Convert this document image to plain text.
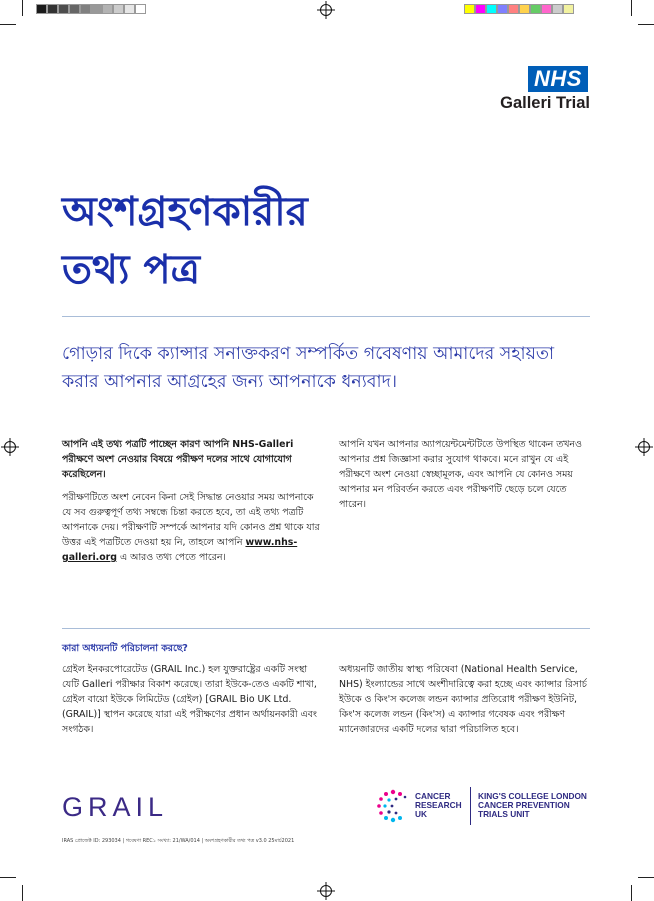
NHS
Galleri Trial
অংশগ্রহণকারীর
তথ্য পত্র

গোড়ার দিকে ক্যান্সার সনাক্তকরণ সম্পর্কিত গবেষণায় আমাদের সহায়তা করার আপনার আগ্রহের জন্য আপনাকে ধন্যবাদ।

আপনি এই তথ্য পত্রটি পাচ্ছেন কারণ আপনি NHS-Galleri পরীক্ষণে অংশ নেওয়ার বিষয়ে পরীক্ষণ দলের সাথে যোগাযোগ করেছিলেন।

পরীক্ষণটিতে অংশ নেবেন কিনা সেই সিদ্ধান্ত নেওয়ার সময় আপনাকে যে সব গুরুত্বপূর্ণ তথ্য সম্বন্ধে চিন্তা করতে হবে, তা এই তথ্য পত্রটি আপনাকে দেয়। পরীক্ষণটি সম্পর্কে আপনার যদি কোনও প্রশ্ন থাকে যার উত্তর এই পত্রটিতে দেওয়া হয় নি, তাহলে আপনি www.nhs-galleri.org এ আরও তথ্য পেতে পারেন।

আপনি যখন আপনার অ্যাপয়েন্টমেন্টটিতে উপস্থিত থাকেন তখনও আপনার প্রশ্ন জিজ্ঞাসা করার সুযোগ থাকবে। মনে রাখুন যে এই পরীক্ষণে অংশ নেওয়া স্বেচ্ছামূলক, এবং আপনি যে কোনও সময় আপনার মন পরিবর্তন করতে এবং পরীক্ষণটি ছেড়ে চলে যেতে পারেন।

কারা অধ্যয়নটি পরিচালনা করছে?

গ্রেইল ইনকরপোরেটেড (GRAIL Inc.) হল যুক্তরাষ্ট্রের একটি সংস্থা যেটি Galleri পরীক্ষার বিকাশ করেছে। তারা ইউকে-তেও একটি শাখা, গ্রেইল বায়ো ইউকে লিমিটেড (গ্রেইল) [GRAIL Bio UK Ltd. (GRAIL)] স্থাপন করেছে যারা এই পরীক্ষণের প্রধান অর্থায়নকারী এবং সংগঠক।

অধ্যয়নটি জাতীয় স্বাস্থ্য পরিষেবা (National Health Service, NHS) ইংল্যান্ডের সাথে অংশীদারিত্বে করা হচ্ছে এবং ক্যান্সার রিসার্চ ইউকে ও কিং'স কলেজ লন্ডন ক্যান্সার প্রতিরোধ পরীক্ষণ ইউনিট, কিং'স কলেজ লন্ডন (কিং'স) এ ক্যান্সার গবেষক এবং পরীক্ষণ ম্যানেজারদের একটি দলের দ্বারা পরিচালিত হবে।

GRAIL	CANCER
RESEARCH
UK
KING'S COLLEGE LONDON
CANCER PREVENTION
TRIALS UNIT
IRAS প্রোজেক্ট ID: 293034 | গবেষণা REC১ সংখ্যা: 21/WA/014 | অংশগ্রহণকারীর তথ্য পত্র v3.0 25মার্চ2021
